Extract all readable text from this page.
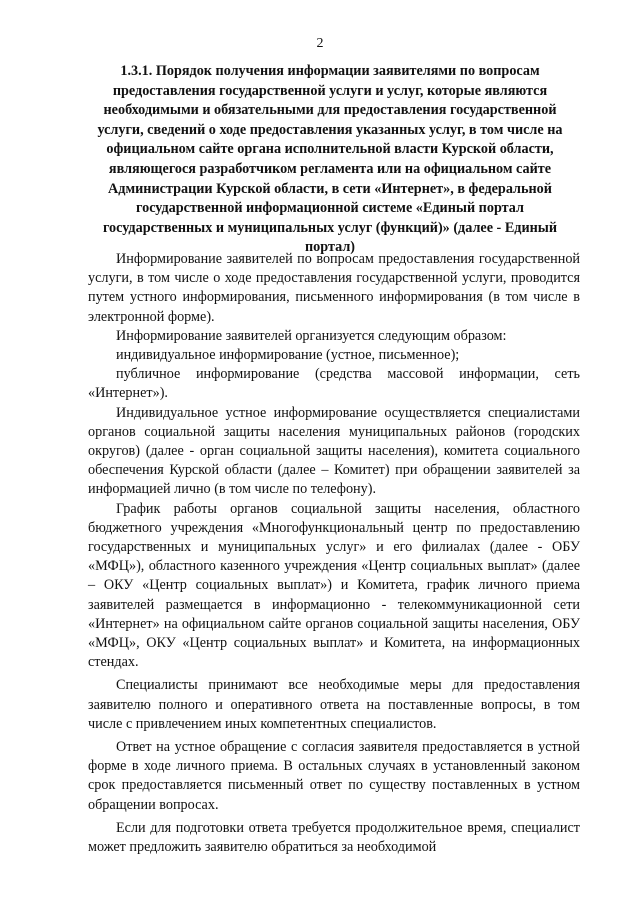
2
1.3.1. Порядок получения информации заявителями по вопросам предоставления государственной услуги и услуг, которые являются необходимыми и обязательными для предоставления государственной услуги, сведений о ходе предоставления указанных услуг, в том числе на официальном сайте органа исполнительной власти Курской области, являющегося разработчиком регламента или на официальном сайте Администрации Курской области, в сети «Интернет», в федеральной государственной информационной системе «Единый портал государственных и муниципальных услуг (функций)» (далее - Единый портал)

Информирование заявителей по вопросам предоставления государственной услуги, в том числе о ходе предоставления государственной услуги, проводится путем устного информирования, письменного информирования (в том числе в электронной форме).

Информирование заявителей организуется следующим образом:

индивидуальное информирование (устное, письменное);

публичное информирование (средства массовой информации, сеть «Интернет»).

Индивидуальное устное информирование осуществляется специалистами органов социальной защиты населения муниципальных районов (городских округов) (далее - орган социальной защиты населения), комитета социального обеспечения Курской области (далее – Комитет) при обращении заявителей за информацией лично (в том числе по телефону).

График работы органов социальной защиты населения, областного бюджетного учреждения «Многофункциональный центр по предоставлению государственных и муниципальных услуг» и его филиалах (далее - ОБУ «МФЦ»), областного казенного учреждения «Центр социальных выплат» (далее – ОКУ «Центр социальных выплат») и Комитета, график личного приема заявителей размещается в информационно - телекоммуникационной сети «Интернет» на официальном сайте органов социальной защиты населения, ОБУ «МФЦ», ОКУ «Центр социальных выплат» и Комитета, на информационных стендах.

Специалисты принимают все необходимые меры для предоставления заявителю полного и оперативного ответа на поставленные вопросы, в том числе с привлечением иных компетентных специалистов.

Ответ на устное обращение с согласия заявителя предоставляется в устной форме в ходе личного приема. В остальных случаях в установленный законом срок предоставляется письменный ответ по существу поставленных в устном обращении вопросах.

Если для подготовки ответа требуется продолжительное время, специалист может предложить заявителю обратиться за необходимой
